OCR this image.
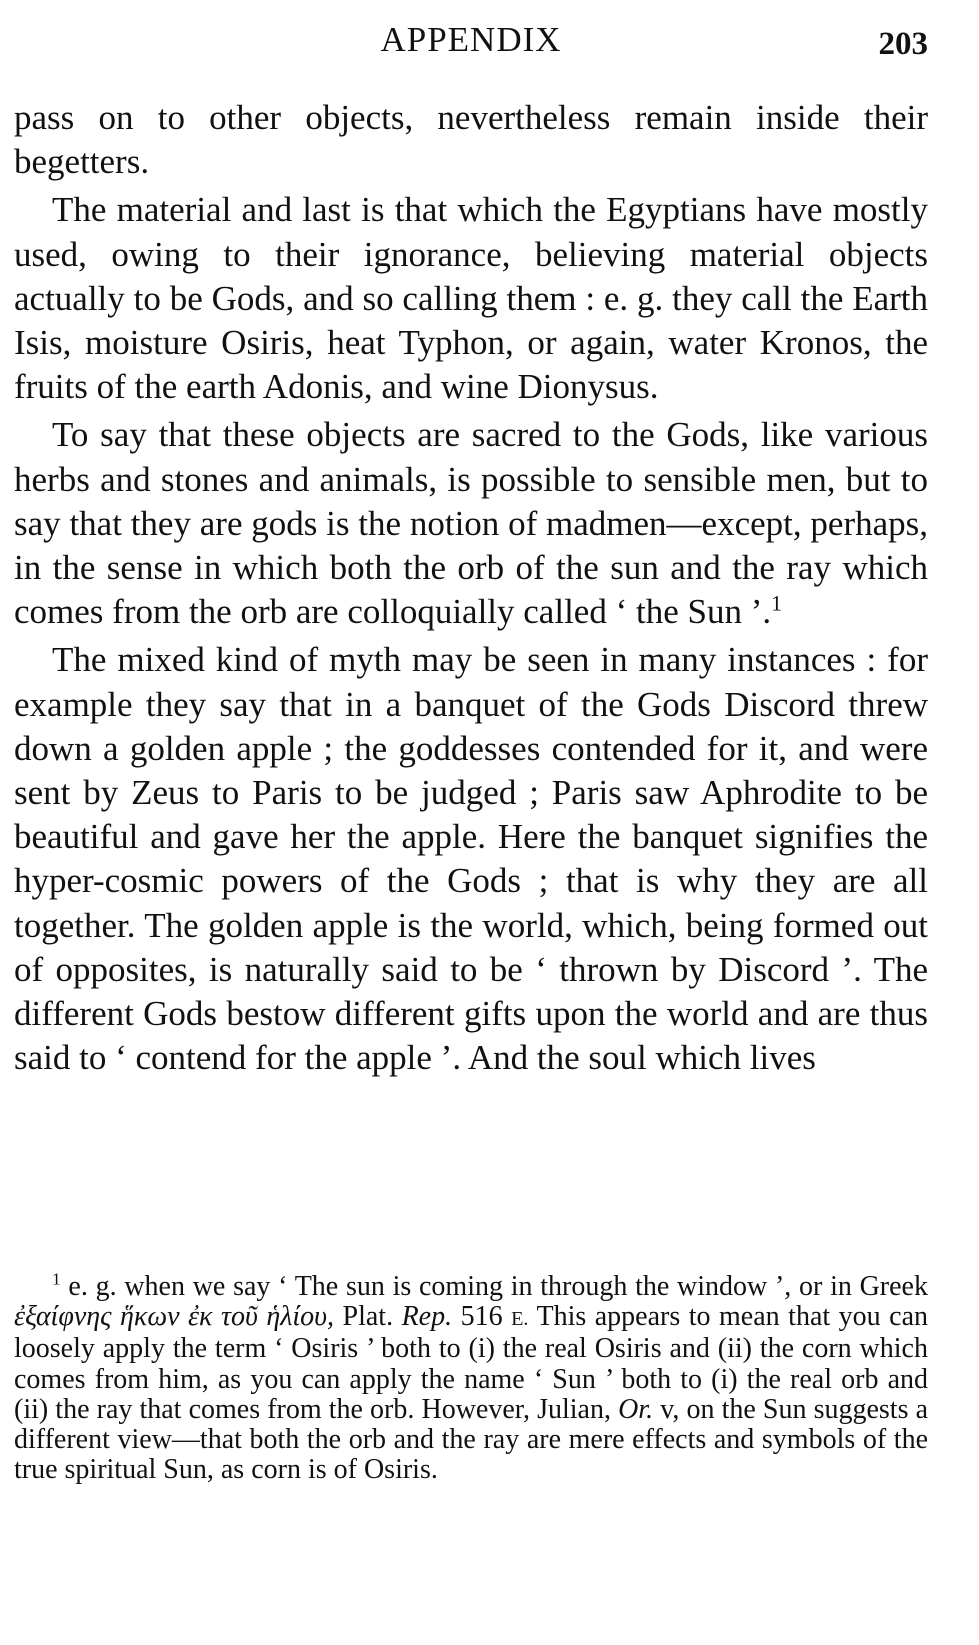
APPENDIX	203

pass on to other objects, nevertheless remain inside their begetters.

The material and last is that which the Egyptians have mostly used, owing to their ignorance, believing material objects actually to be Gods, and so calling them : e. g. they call the Earth Isis, moisture Osiris, heat Typhon, or again, water Kronos, the fruits of the earth Adonis, and wine Dionysus.

To say that these objects are sacred to the Gods, like various herbs and stones and animals, is possible to sensible men, but to say that they are gods is the notion of madmen—except, perhaps, in the sense in which both the orb of the sun and the ray which comes from the orb are colloquially called ‘ the Sun ’.$^1$

The mixed kind of myth may be seen in many instances : for example they say that in a banquet of the Gods Discord threw down a golden apple ; the goddesses contended for it, and were sent by Zeus to Paris to be judged ; Paris saw Aphrodite to be beautiful and gave her the apple. Here the banquet signifies the hyper-cosmic powers of the Gods ; that is why they are all together. The golden apple is the world, which, being formed out of opposites, is naturally said to be ‘ thrown by Discord ’. The different Gods bestow different gifts upon the world and are thus said to ‘ contend for the apple ’. And the soul which lives

$^1$ e. g. when we say ‘ The sun is coming in through the window ’, or in Greek ἐξαίφνης ἥκων ἐκ τοῦ ἡλίου, Plat. Rep. 516 E. This appears to mean that you can loosely apply the term ‘ Osiris ’ both to (i) the real Osiris and (ii) the corn which comes from him, as you can apply the name ‘ Sun ’ both to (i) the real orb and (ii) the ray that comes from the orb. However, Julian, Or. v, on the Sun suggests a different view—that both the orb and the ray are mere effects and symbols of the true spiritual Sun, as corn is of Osiris.
